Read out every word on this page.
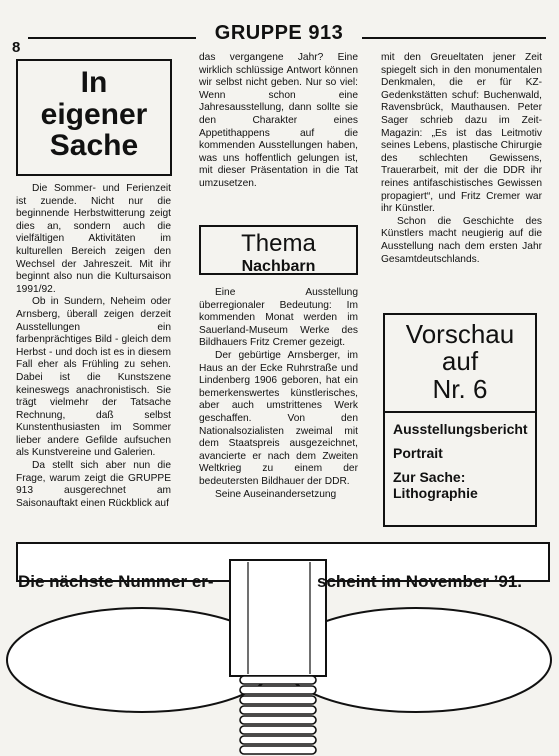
8
GRUPPE 913
In
eigener
Sache

Die Sommer- und Ferienzeit ist zuende. Nicht nur die beginnende Herbstwitterung zeigt dies an, sondern auch die vielfältigen Aktivitäten im kulturellen Bereich zeigen den Wechsel der Jahreszeit. Mit ihr beginnt also nun die Kultursaison 1991/92.

Ob in Sundern, Neheim oder Arnsberg, überall zeigen derzeit Ausstellungen ein farbenprächtiges Bild - gleich dem Herbst - und doch ist es in diesem Fall eher als Frühling zu sehen. Dabei ist die Kunstszene keineswegs anachronistisch. Sie trägt vielmehr der Tatsache Rechnung, daß selbst Kunstenthusiasten im Sommer lieber andere Gefilde aufsuchen als Kunstvereine und Galerien.

Da stellt sich aber nun die Frage, warum zeigt die GRUPPE 913 ausgerechnet am Saisonauftakt einen Rückblick auf

das vergangene Jahr? Eine wirklich schlüssige Antwort können wir selbst nicht geben. Nur so viel: Wenn schon eine Jahresausstellung, dann sollte sie den Charakter eines Appetithappens auf die kommenden Ausstellungen haben, was uns hoffentlich gelungen ist, mit dieser Präsentation in die Tat umzusetzen.

Thema
Nachbarn

Eine Ausstellung überregionaler Bedeutung: Im kommenden Monat werden im Sauerland-Museum Werke des Bildhauers Fritz Cremer gezeigt.

Der gebürtige Arnsberger, im Haus an der Ecke Ruhrstraße und Lindenberg 1906 geboren, hat ein bemerkenswertes künstlerisches, aber auch umstrittenes Werk geschaffen. Von den Nationalsozialisten zweimal mit dem Staatspreis ausgezeichnet, avancierte er nach dem Zweiten Weltkrieg zu einem der bedeutersten Bildhauer der DDR.

Seine Auseinandersetzung

mit den Greueltaten jener Zeit spiegelt sich in den monumentalen Denkmalen, die er für KZ-Gedenkstätten schuf: Buchenwald, Ravensbrück, Mauthausen. Peter Sager schrieb dazu im Zeit-Magazin: „Es ist das Leitmotiv seines Lebens, plastische Chirurgie des schlechten Gewissens, Trauerarbeit, mit der die DDR ihr reines antifaschistisches Gewissen propagiert“, und Fritz Cremer war ihr Künstler.

Schon die Geschichte des Künstlers macht neugierig auf die Ausstellung nach dem ersten Jahr Gesamtdeutschlands.

Vorschau
auf
Nr. 6
Ausstellungsbericht
Portrait
Zur Sache: Lithographie
Die nächste Nummer er-	scheint im November ’91.
